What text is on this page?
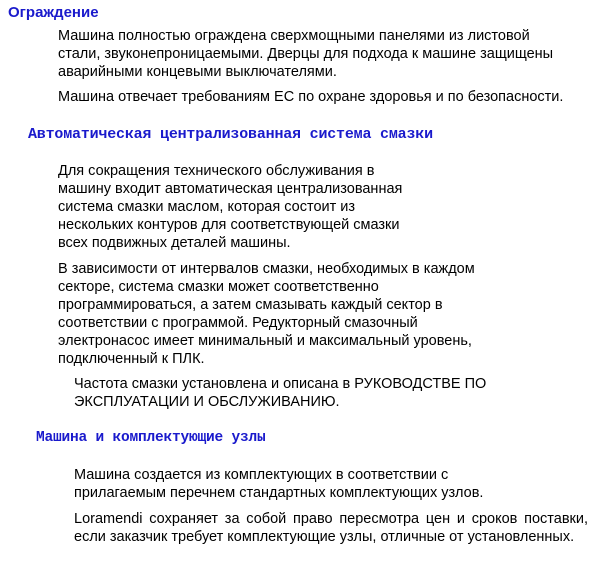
Ограждение

Машина полностью ограждена сверхмощными панелями из листовой
стали, звуконепроницаемыми. Дверцы для подхода к машине защищены
аварийными концевыми выключателями.

Машина отвечает требованиям ЕС по охране здоровья и по безопасности.

Автоматическая централизованная система смазки

Для сокращения технического обслуживания в
машину входит автоматическая централизованная
система смазки маслом, которая состоит из
нескольких контуров для соответствующей смазки
всех подвижных деталей машины.

В зависимости от интервалов смазки, необходимых в каждом
секторе, система смазки может соответственно
программироваться, а затем смазывать каждый сектор в
соответствии с программой. Редукторный смазочный
электронасос имеет минимальный и максимальный уровень,
подключенный к ПЛК.

Частота смазки установлена и описана в РУКОВОДСТВЕ ПО
ЭКСПЛУАТАЦИИ И ОБСЛУЖИВАНИЮ.

Машина и комплектующие узлы

Машина создается из комплектующих в соответствии с
прилагаемым перечнем стандартных комплектующих узлов.

Loramendi сохраняет за собой право пересмотра цен и сроков поставки, если заказчик требует комплектующие узлы, отличные от установленных.
